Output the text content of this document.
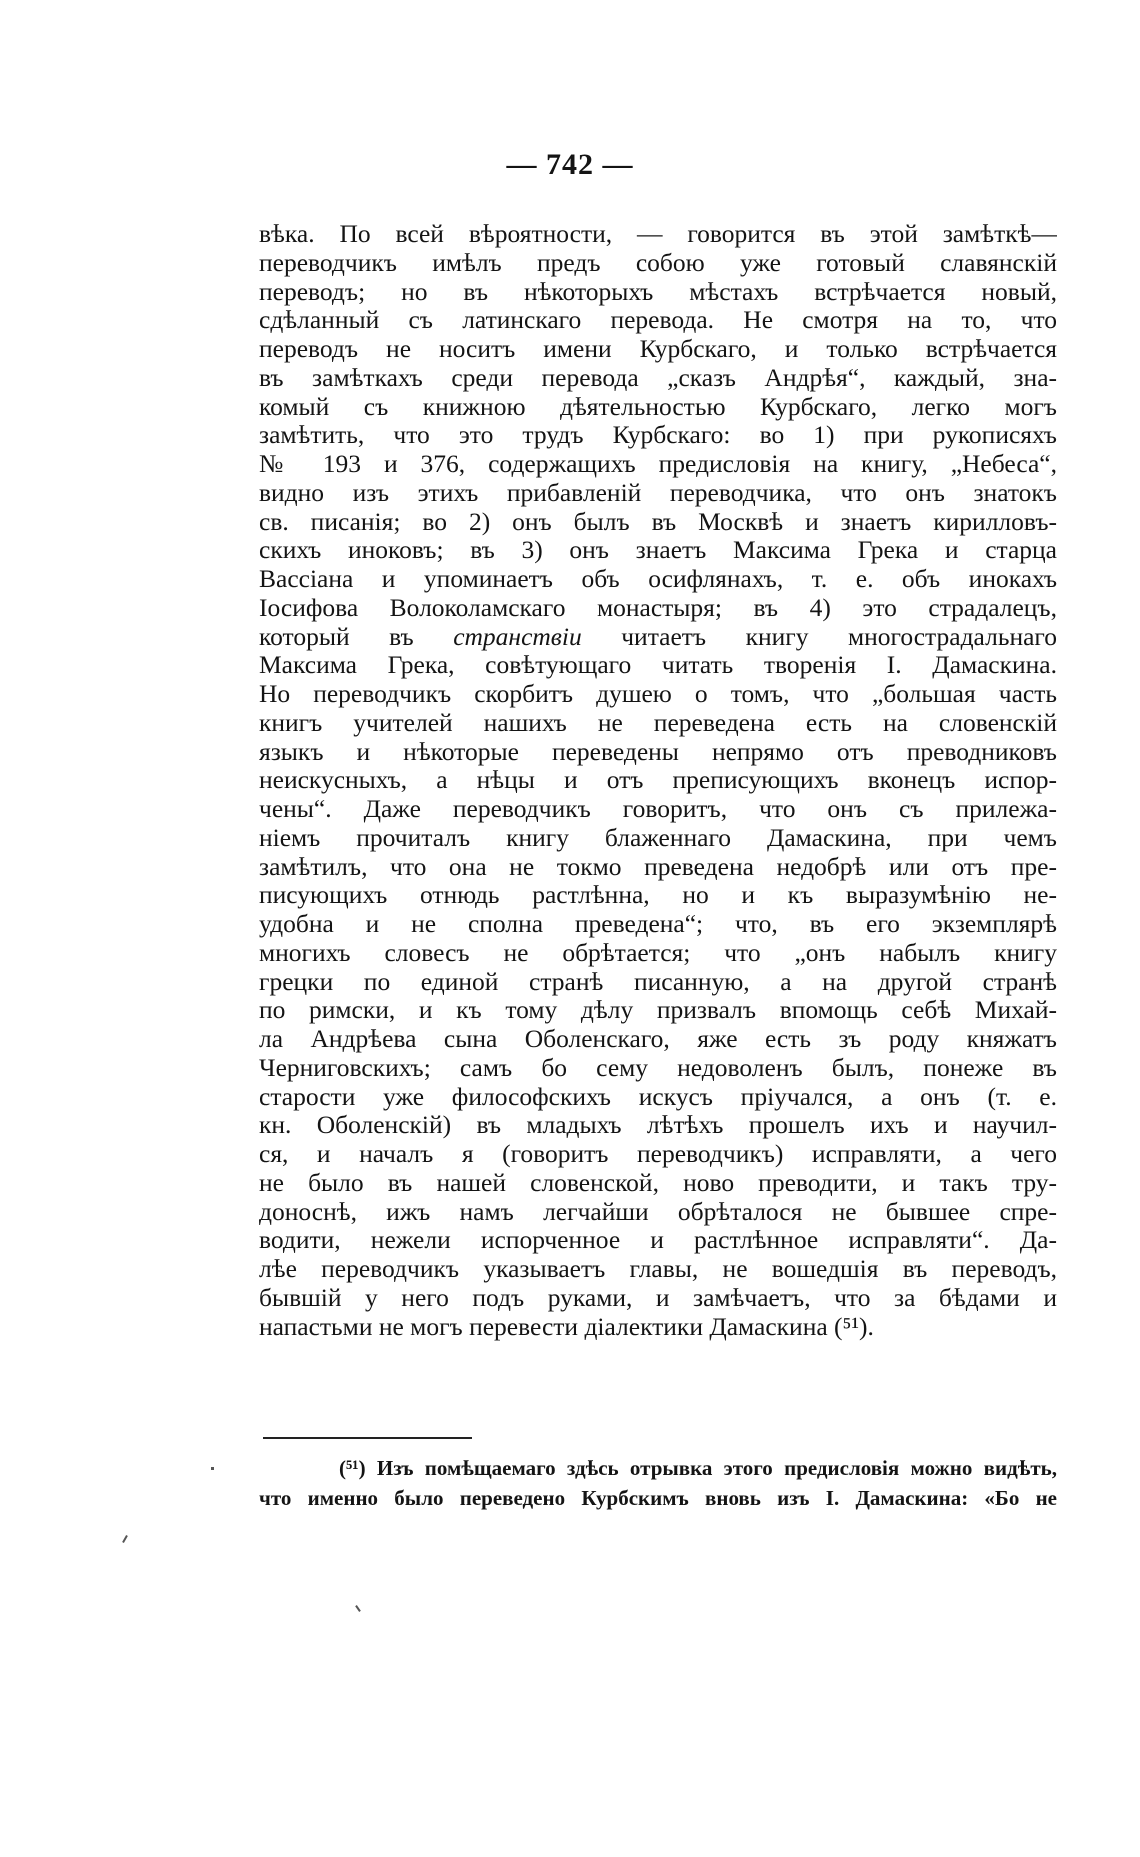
— 742 —
вѣка. По всей вѣроятности, — говорится въ этой замѣткѣ—
переводчикъ имѣлъ предъ собою уже готовый славянскій
переводъ; но въ нѣкоторыхъ мѣстахъ встрѣчается новый,
сдѣланный съ латинскаго перевода. Не смотря на то, что
переводъ не носитъ имени Курбскаго, и только встрѣчается
въ замѣткахъ среди перевода „сказъ Андрѣя“, каждый, зна-
комый съ книжною дѣятельностью Курбскаго, легко могъ
замѣтить, что это трудъ Курбскаго: во 1) при рукописяхъ
№ 193 и 376, содержащихъ предисловія на книгу, „Небеса“,
видно изъ этихъ прибавленій переводчика, что онъ знатокъ
св. писанія; во 2) онъ былъ въ Москвѣ и знаетъ кирилловъ-
скихъ иноковъ; въ 3) онъ знаетъ Максима Грека и старца
Вассіана и упоминаетъ объ осифлянахъ, т. е. объ инокахъ
Іосифова Волоколамскаго монастыря; въ 4) это страдалецъ,
который въ странствіи читаетъ книгу многострадальнаго
Максима Грека, совѣтующаго читать творенія І. Дамаскина.
Но переводчикъ скорбитъ душею о томъ, что „большая часть
книгъ учителей нашихъ не переведена есть на словенскій
языкъ и нѣкоторые переведены непрямо отъ преводниковъ
неискусныхъ, а нѣцы и отъ преписующихъ вконецъ испор-
чены“. Даже переводчикъ говоритъ, что онъ съ прилежа-
ніемъ прочиталъ книгу блаженнаго Дамаскина, при чемъ
замѣтилъ, что она не токмо преведена недобрѣ или отъ пре-
писующихъ отнюдь растлѣнна, но и къ выразумѣнію не-
удобна и не сполна преведена“; что, въ его экземплярѣ
многихъ словесъ не обрѣтается; что „онъ набылъ книгу
грецки по единой странѣ писанную, а на другой странѣ
по римски, и къ тому дѣлу призвалъ впомощь себѣ Михай-
ла Андрѣева сына Оболенскаго, яже есть зъ роду княжатъ
Черниговскихъ; самъ бо сему недоволенъ былъ, понеже въ
старости уже философскихъ искусъ пріучался, а онъ (т. е.
кн. Оболенскій) въ младыхъ лѣтѣхъ прошелъ ихъ и научил-
ся, и началъ я (говоритъ переводчикъ) исправляти, а чего
не было въ нашей словенской, ново преводити, и такъ тру-
доноснѣ, ижъ намъ легчайши обрѣталося не бывшее спре-
водити, нежели испорченное и растлѣнное исправляти“. Да-
лѣе переводчикъ указываетъ главы, не вошедшія въ переводъ,
бывшій у него подъ руками, и замѣчаетъ, что за бѣдами и
напастьми не могъ перевести діалектики Дамаскина (⁵¹).
(⁵¹) Изъ помѣщаемаго здѣсь отрывка этого предисловія можно видѣть,
что именно было переведено Курбскимъ вновь изъ І. Дамаскина: «Бо не
